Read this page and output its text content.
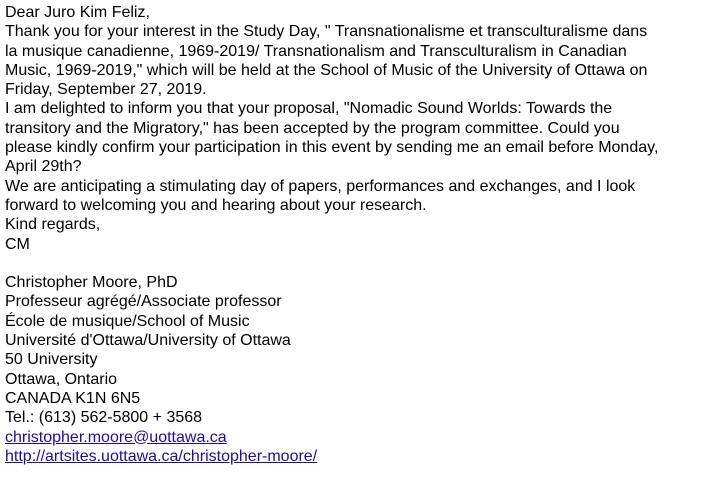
Dear Juro Kim Feliz,
Thank you for your interest in the Study Day, " Transnationalisme et transculturalisme dans
la musique canadienne, 1969-2019/ Transnationalism and Transculturalism in Canadian
Music, 1969-2019," which will be held at the School of Music of the University of Ottawa on
Friday, September 27, 2019.
I am delighted to inform you that your proposal, "Nomadic Sound Worlds: Towards the
transitory and the Migratory," has been accepted by the program committee. Could you
please kindly confirm your participation in this event by sending me an email before Monday,
April 29th?
We are anticipating a stimulating day of papers, performances and exchanges, and I look
forward to welcoming you and hearing about your research.
Kind regards,
CM
Christopher Moore, PhD
Professeur agrégé/Associate professor
École de musique/School of Music
Université d'Ottawa/University of Ottawa
50 University
Ottawa, Ontario
CANADA K1N 6N5
Tel.: (613) 562-5800 + 3568
christopher.moore@uottawa.ca
http://artsites.uottawa.ca/christopher-moore/
